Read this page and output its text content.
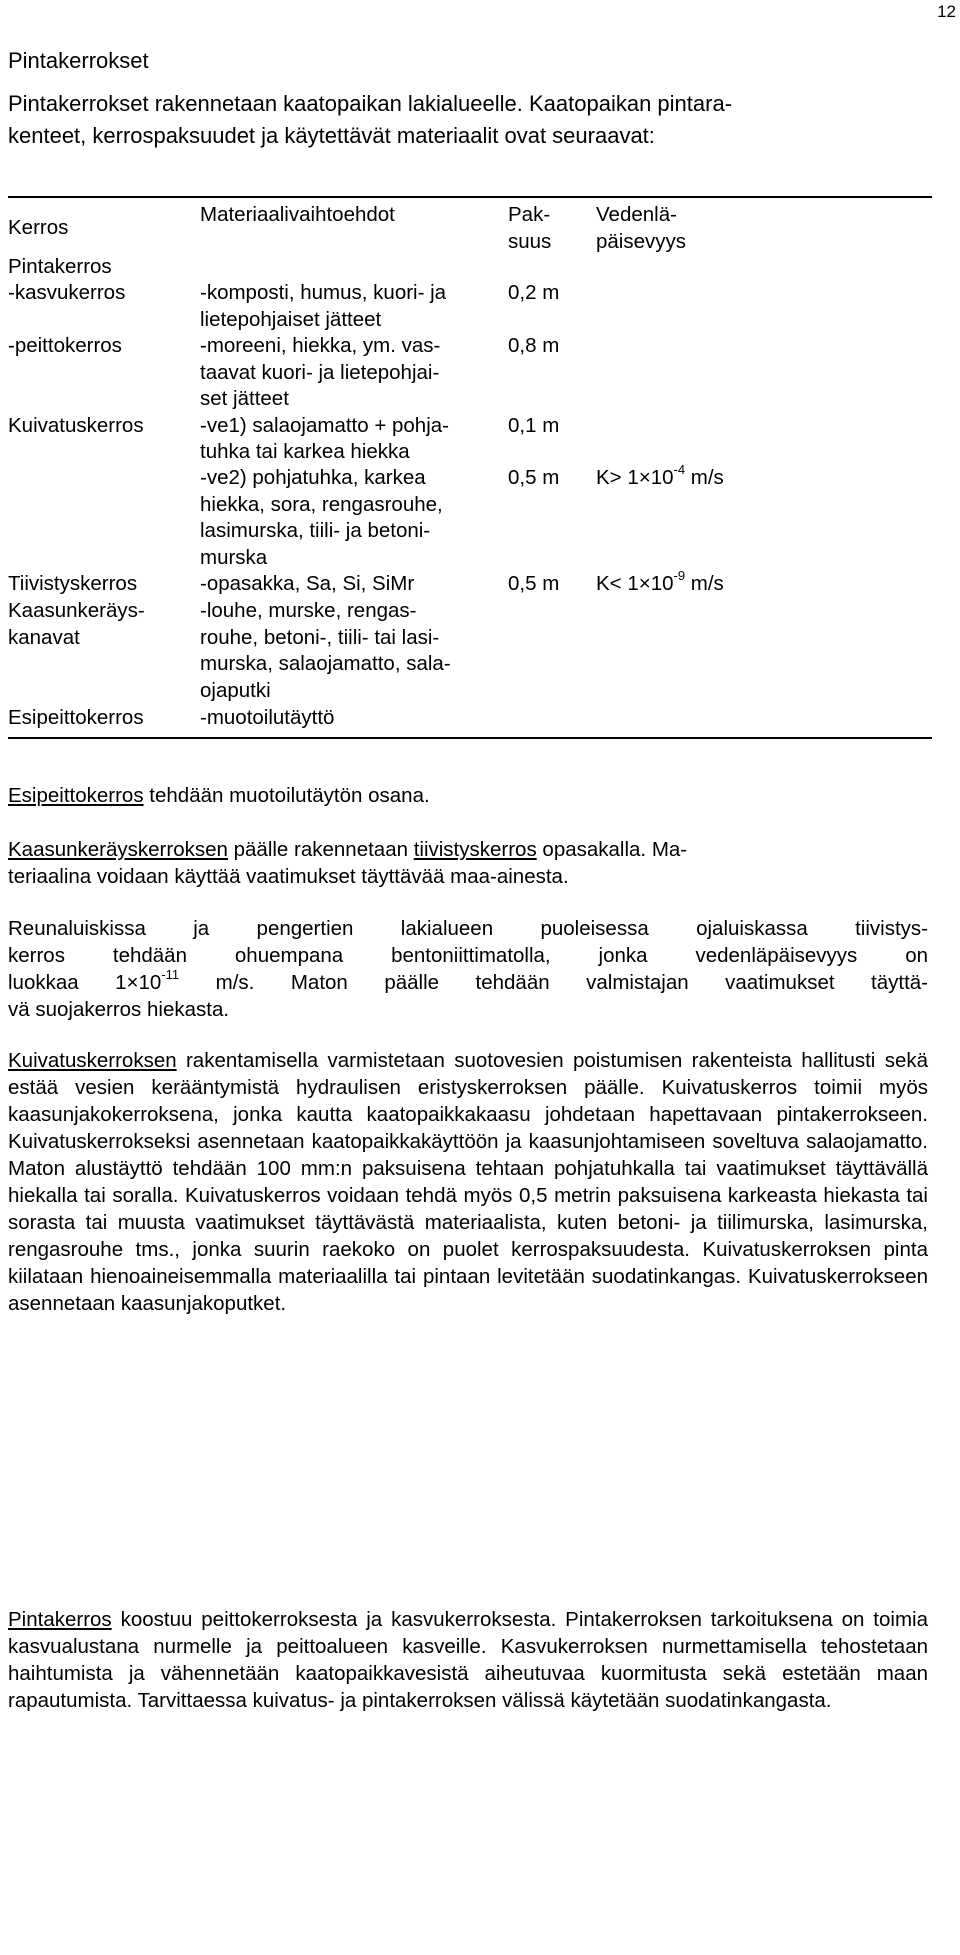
12
Pintakerrokset
Pintakerrokset rakennetaan kaatopaikan lakialueelle. Kaatopaikan pintara-
kenteet, kerrospaksuudet ja käytettävät materiaalit ovat seuraavat:
Kerros
Materiaalivaihtoehdot	Pak-
suus
Vedenlä-
päisevyys
Pintakerros
-kasvukerros
-peittokerros
Kuivatuskerros
Tiivistyskerros
Kaasunkeräys-
kanavat
Esipeittokerros
-komposti, humus, kuori- ja
lietepohjaiset jätteet
-moreeni, hiekka, ym. vas-
taavat kuori- ja lietepohjai-
set jätteet
-ve1) salaojamatto + pohja-
tuhka tai karkea hiekka
-ve2) pohjatuhka, karkea
hiekka, sora, rengasrouhe,
lasimurska, tiili- ja betoni-
murska
-opasakka, Sa, Si, SiMr
-louhe, murske, rengas-
rouhe, betoni-, tiili- tai lasi-
murska, salaojamatto, sala-
ojaputki
-muotoilutäyttö
0,2 m
0,8 m
0,1 m
0,5 m
0,5 m
$K> 1\times 10^{-4}$ m/s
$K< 1\times 10^{-9}$ m/s
Esipeittokerros tehdään muotoilutäytön osana.
Kaasunkeräyskerroksen päälle rakennetaan tiivistyskerros opasakalla. Ma-
teriaalina voidaan käyttää vaatimukset täyttävää maa-ainesta.
Reunaluiskissa ja pengertien lakialueen puoleisessa ojaluiskassa tiivistys-
kerros tehdään ohuempana bentoniittimatolla, jonka vedenläpäisevyys on
luokkaa $1\times 10^{-11}$ m/s. Maton päälle tehdään valmistajan vaatimukset täyttä-
vä suojakerros hiekasta.
Kuivatuskerroksen rakentamisella varmistetaan suotovesien poistumisen rakenteista hallitusti sekä estää vesien kerääntymistä hydraulisen eristyskerroksen päälle. Kuivatuskerros toimii myös kaasunjakokerroksena, jonka kautta kaatopaikkakaasu johdetaan hapettavaan pintakerrokseen. Kuivatuskerrokseksi asennetaan kaatopaikkakäyttöön ja kaasunjohtamiseen soveltuva salaojamatto. Maton alustäyttö tehdään 100 mm:n paksuisena tehtaan pohjatuhkalla tai vaatimukset täyttävällä hiekalla tai soralla. Kuivatuskerros voidaan tehdä myös 0,5 metrin paksuisena karkeasta hiekasta tai sorasta tai muusta vaatimukset täyttävästä materiaalista, kuten betoni- ja tiilimurska, lasimurska, rengasrouhe tms., jonka suurin raekoko on puolet kerrospaksuudesta. Kuivatuskerroksen pinta kiilataan hienoaineisemmalla materiaalilla tai pintaan levitetään suodatinkangas. Kuivatuskerrokseen asennetaan kaasunjakoputket.
Pintakerros koostuu peittokerroksesta ja kasvukerroksesta. Pintakerroksen tarkoituksena on toimia kasvualustana nurmelle ja peittoalueen kasveille. Kasvukerroksen nurmettamisella tehostetaan haihtumista ja vähennetään kaatopaikkavesistä aiheutuvaa kuormitusta sekä estetään maan rapautumista. Tarvittaessa kuivatus- ja pintakerroksen välissä käytetään suodatinkangasta.
